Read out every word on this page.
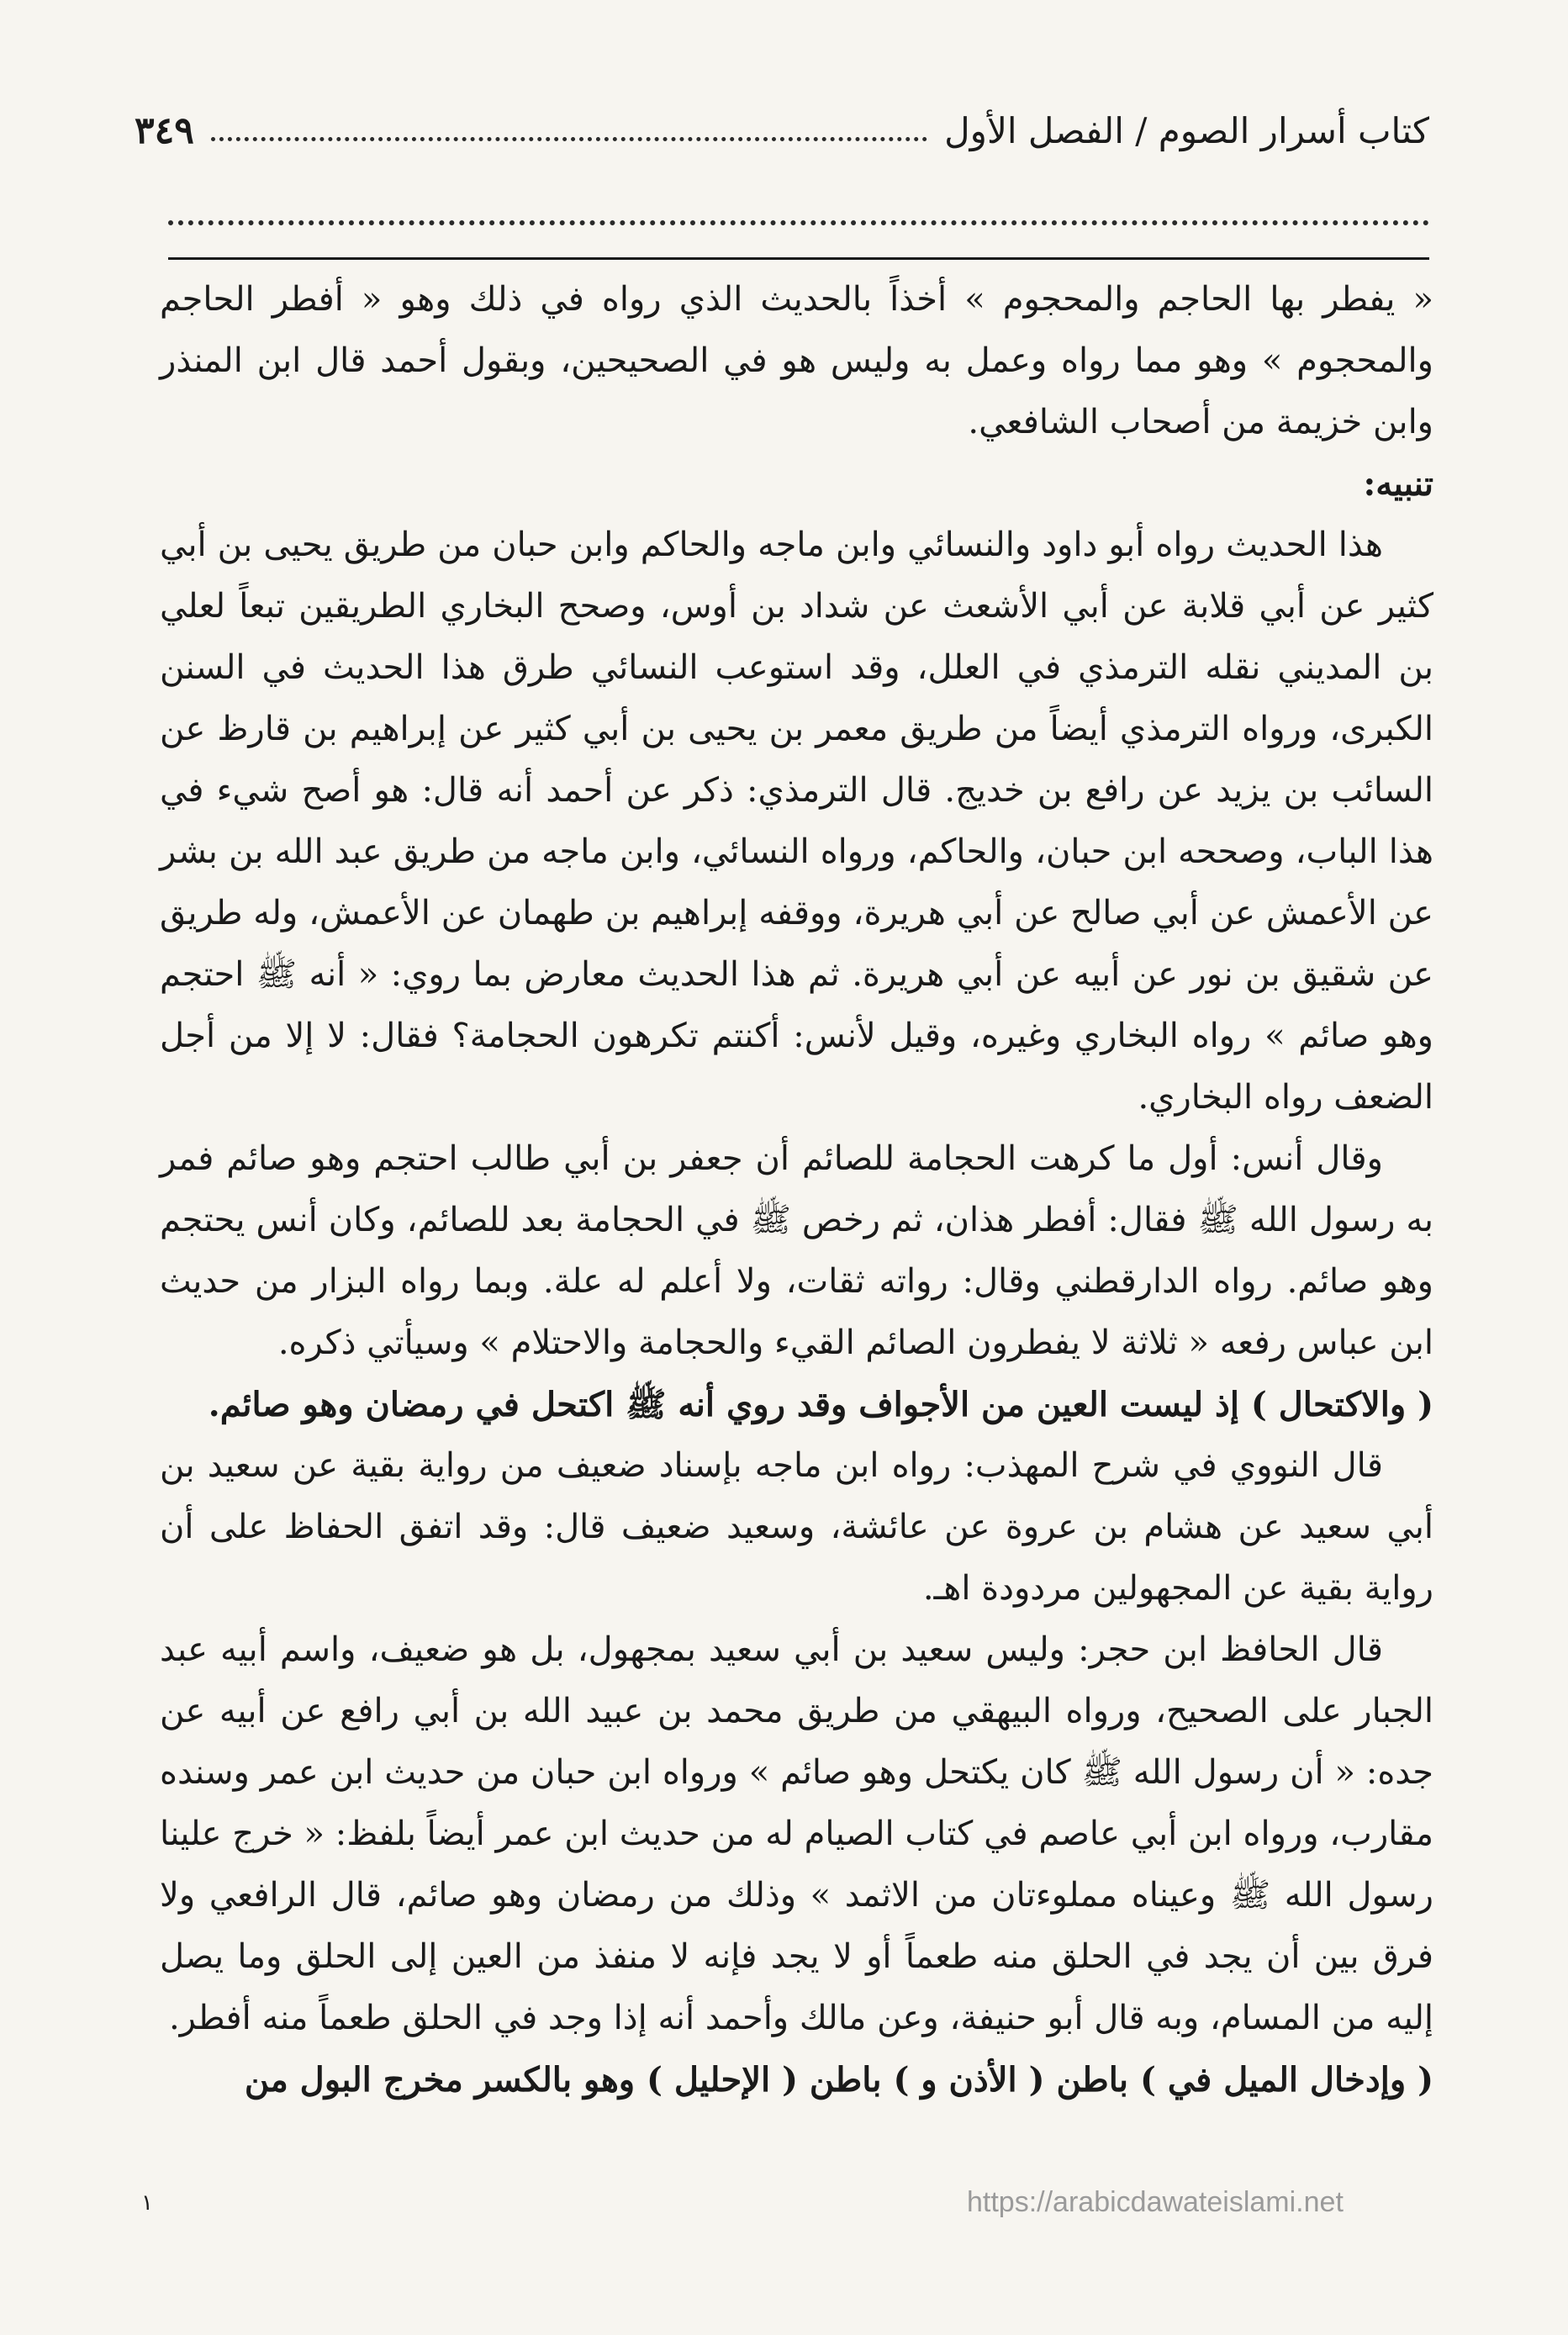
كتاب أسرار الصوم / الفصل الأول
٣٤٩

« يفطر بها الحاجم والمحجوم » أخذاً بالحديث الذي رواه في ذلك وهو « أفطر الحاجم والمحجوم » وهو مما رواه وعمل به وليس هو في الصحيحين، وبقول أحمد قال ابن المنذر وابن خزيمة من أصحاب الشافعي.

تنبيه:

هذا الحديث رواه أبو داود والنسائي وابن ماجه والحاكم وابن حبان من طريق يحيى بن أبي كثير عن أبي قلابة عن أبي الأشعث عن شداد بن أوس، وصحح البخاري الطريقين تبعاً لعلي بن المديني نقله الترمذي في العلل، وقد استوعب النسائي طرق هذا الحديث في السنن الكبرى، ورواه الترمذي أيضاً من طريق معمر بن يحيى بن أبي كثير عن إبراهيم بن قارظ عن السائب بن يزيد عن رافع بن خديج. قال الترمذي: ذكر عن أحمد أنه قال: هو أصح شيء في هذا الباب، وصححه ابن حبان، والحاكم، ورواه النسائي، وابن ماجه من طريق عبد الله بن بشر عن الأعمش عن أبي صالح عن أبي هريرة، ووقفه إبراهيم بن طهمان عن الأعمش، وله طريق عن شقيق بن نور عن أبيه عن أبي هريرة. ثم هذا الحديث معارض بما روي: « أنه ﷺ احتجم وهو صائم » رواه البخاري وغيره، وقيل لأنس: أكنتم تكرهون الحجامة؟ فقال: لا إلا من أجل الضعف رواه البخاري.

وقال أنس: أول ما كرهت الحجامة للصائم أن جعفر بن أبي طالب احتجم وهو صائم فمر به رسول الله ﷺ فقال: أفطر هذان، ثم رخص ﷺ في الحجامة بعد للصائم، وكان أنس يحتجم وهو صائم. رواه الدارقطني وقال: رواته ثقات، ولا أعلم له علة. وبما رواه البزار من حديث ابن عباس رفعه « ثلاثة لا يفطرون الصائم القيء والحجامة والاحتلام » وسيأتي ذكره.

( والاكتحال ) إذ ليست العين من الأجواف وقد روي أنه ﷺ اكتحل في رمضان وهو صائم.

قال النووي في شرح المهذب: رواه ابن ماجه بإسناد ضعيف من رواية بقية عن سعيد بن أبي سعيد عن هشام بن عروة عن عائشة، وسعيد ضعيف قال: وقد اتفق الحفاظ على أن رواية بقية عن المجهولين مردودة اهـ.

قال الحافظ ابن حجر: وليس سعيد بن أبي سعيد بمجهول، بل هو ضعيف، واسم أبيه عبد الجبار على الصحيح، ورواه البيهقي من طريق محمد بن عبيد الله بن أبي رافع عن أبيه عن جده: « أن رسول الله ﷺ كان يكتحل وهو صائم » ورواه ابن حبان من حديث ابن عمر وسنده مقارب، ورواه ابن أبي عاصم في كتاب الصيام له من حديث ابن عمر أيضاً بلفظ: « خرج علينا رسول الله ﷺ وعيناه مملوءتان من الاثمد » وذلك من رمضان وهو صائم، قال الرافعي ولا فرق بين أن يجد في الحلق منه طعماً أو لا يجد فإنه لا منفذ من العين إلى الحلق وما يصل إليه من المسام، وبه قال أبو حنيفة، وعن مالك وأحمد أنه إذا وجد في الحلق طعماً منه أفطر.

( وإدخال الميل في ) باطن ( الأذن و ) باطن ( الإحليل ) وهو بالكسر مخرج البول من

١	https://arabicdawateislami.net
